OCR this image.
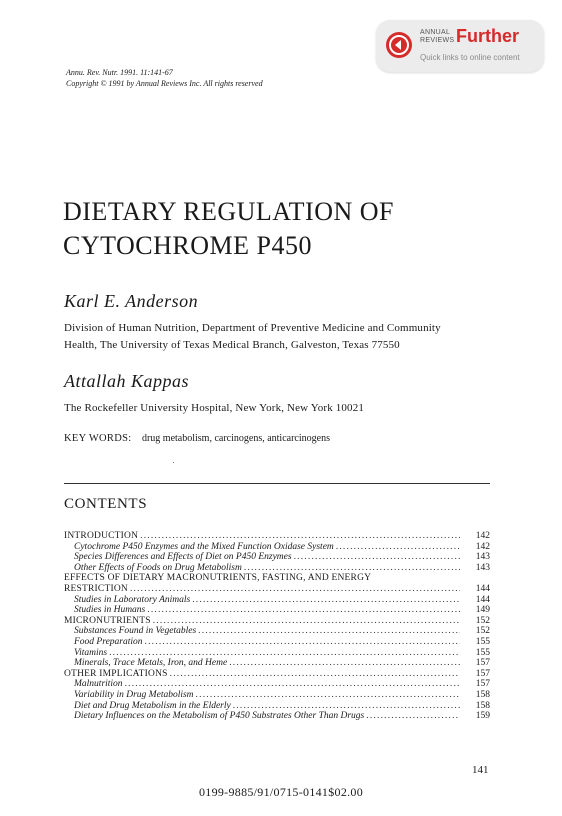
ANNUAL
REVIEWS Further
Quick links to online content
Annu. Rev. Nutr. 1991. 11:141-67
Copyright © 1991 by Annual Reviews Inc. All rights reserved
DIETARY REGULATION OF
CYTOCHROME P450
Karl E. Anderson
Division of Human Nutrition, Department of Preventive Medicine and Community
Health, The University of Texas Medical Branch, Galveston, Texas 77550
Attallah Kappas
The Rockefeller University Hospital, New York, New York 10021
KEY WORDS: drug metabolism, carcinogens, anticarcinogens
CONTENTS
INTRODUCTION .....	142
Cytochrome P450 Enzymes and the Mixed Function Oxidase System .....	142
Species Differences and Effects of Diet on P450 Enzymes .....	143
Other Effects of Foods on Drug Metabolism .....	143
EFFECTS OF DIETARY MACRONUTRIENTS, FASTING, AND ENERGY
RESTRICTION .....	144
Studies in Laboratory Animals .....	144
Studies in Humans .....	149
MICRONUTRIENTS .....	152
Substances Found in Vegetables .....	152
Food Preparation .....	155
Vitamins .....	155
Minerals, Trace Metals, Iron, and Heme .....	157
OTHER IMPLICATIONS .....	157
Malnutrition .....	157
Variability in Drug Metabolism .....	158
Diet and Drug Metabolism in the Elderly .....	158
Dietary Influences on the Metabolism of P450 Substrates Other Than Drugs .....	159
141
0199-9885/91/0715-0141$02.00
